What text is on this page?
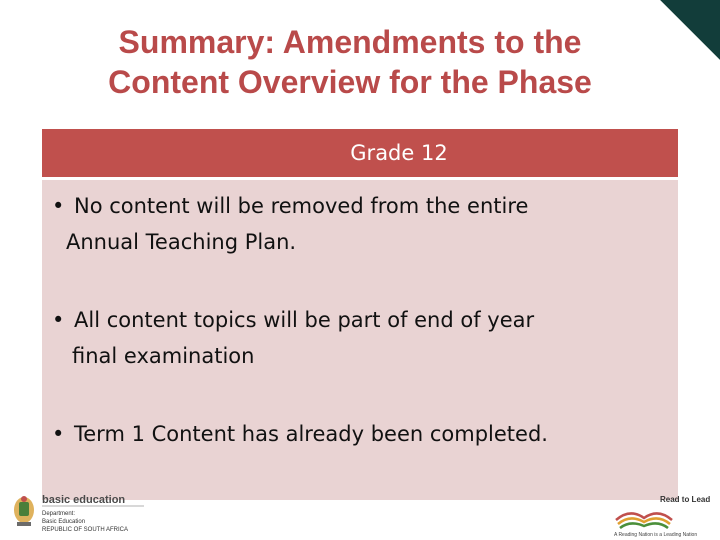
Summary: Amendments to the
Content Overview for the Phase
Grade 12
• No content will be removed from the entire
Annual Teaching Plan.
• All content topics will be part of end of year
final examination
• Term 1 Content has already been completed.
basic education
Department:
Basic Education
REPUBLIC OF SOUTH AFRICA
Read to Lead
A Reading Nation is a Leading Nation
